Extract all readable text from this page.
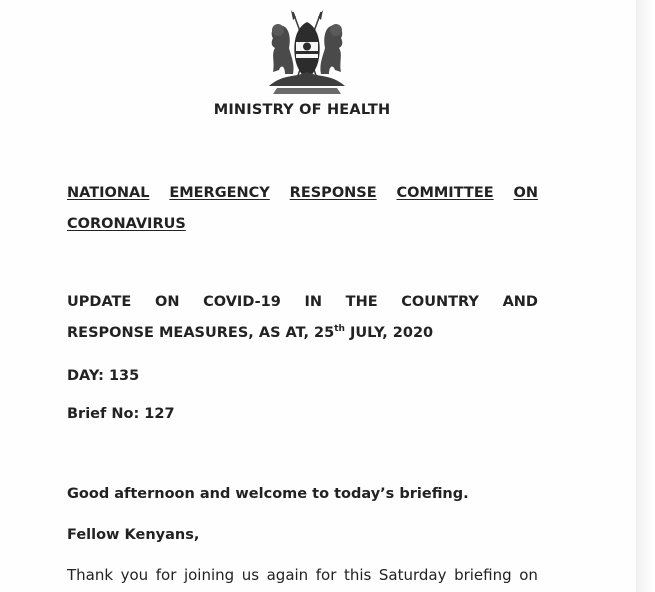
MINISTRY OF HEALTH
NATIONAL EMERGENCY RESPONSE COMMITTEE ON
CORONAVIRUS
UPDATE ON COVID-19 IN THE COUNTRY AND
RESPONSE MEASURES, AS AT, 25th JULY, 2020
DAY: 135
Brief No: 127
Good afternoon and welcome to today’s briefing.
Fellow Kenyans,
Thank you for joining us again for this Saturday briefing on
